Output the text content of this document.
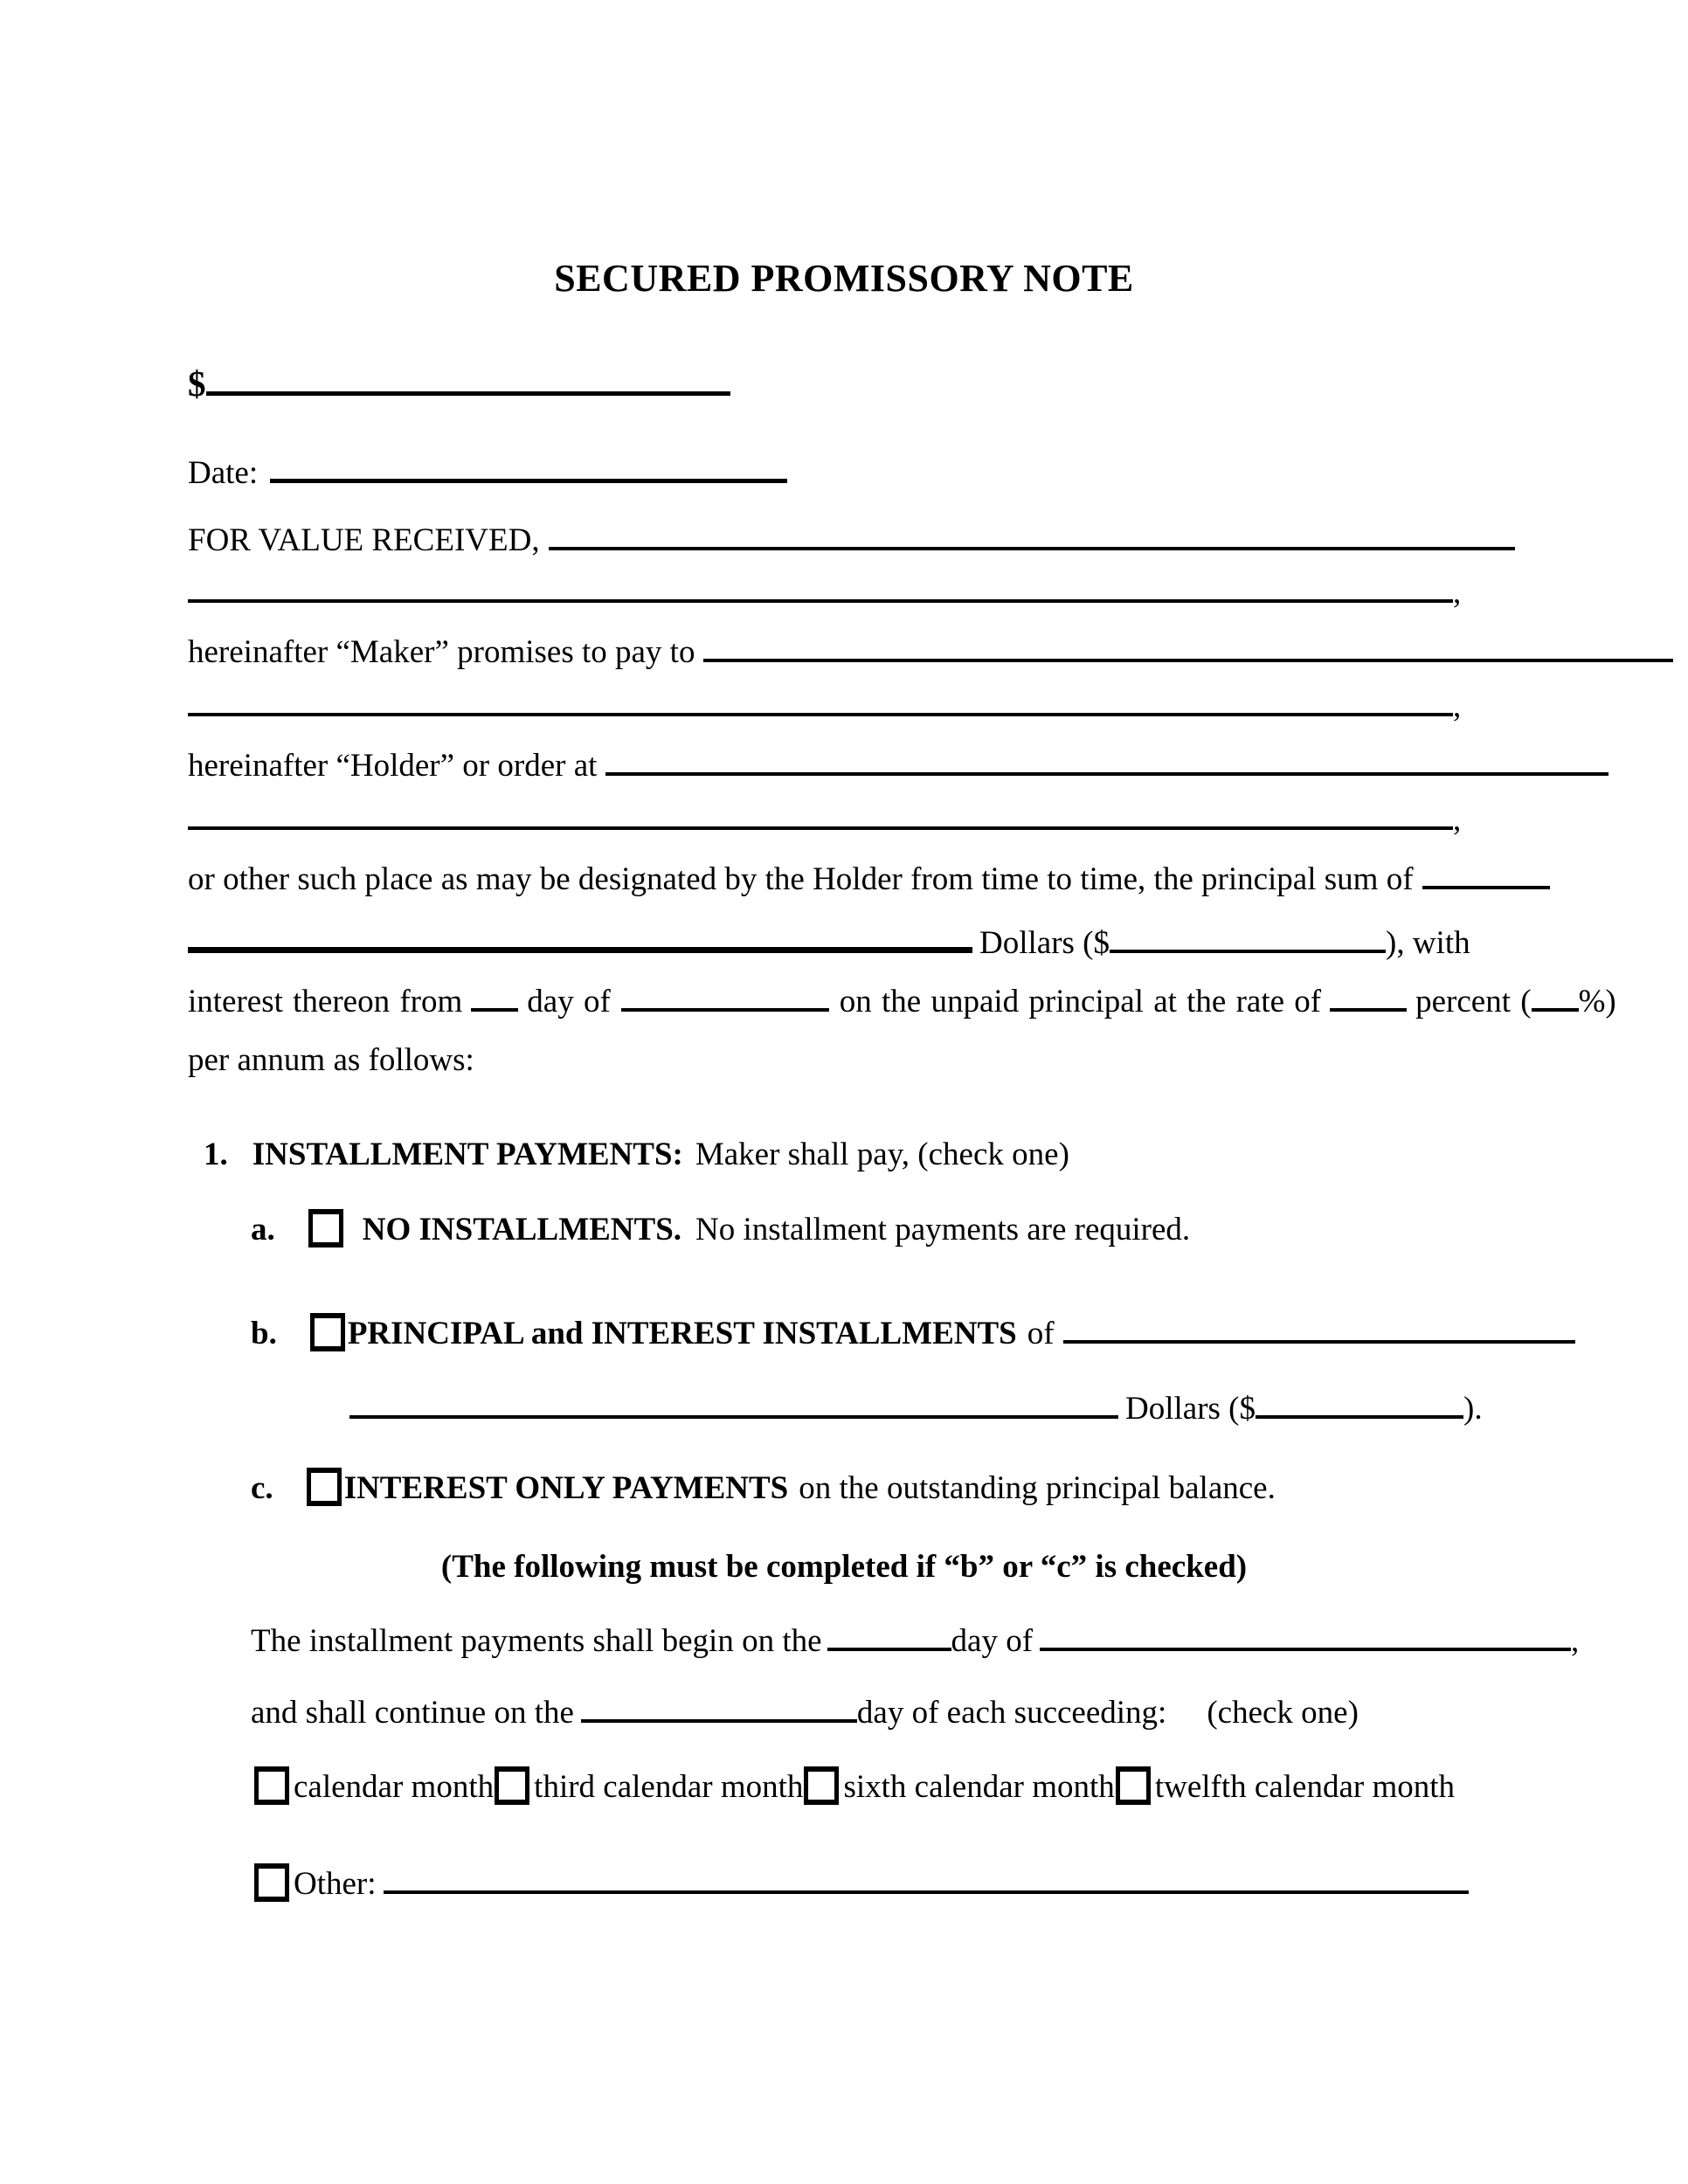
SECURED PROMISSORY NOTE
$
Date:
FOR VALUE RECEIVED,
,
hereinafter “Maker” promises to pay to
,
hereinafter “Holder” or order at
,
or other such place as may be designated by the Holder from time to time, the principal sum of
Dollars ($	), with
interest thereon from day of	on the unpaid principal at the rate of	percent ( %)
per annum as follows:
1. INSTALLMENT PAYMENTS: Maker shall pay, (check one)
a.	NO INSTALLMENTS. No installment payments are required.
b. PRINCIPAL and INTEREST INSTALLMENTS of
Dollars ($	).
c. INTEREST ONLY PAYMENTS on the outstanding principal balance.
(The following must be completed if “b” or “c” is checked)
The installment payments shall begin on the	day of	,
and shall continue on the	day of each succeeding: (check one)
calendar month	third calendar month	sixth calendar month	twelfth calendar month
Other:
